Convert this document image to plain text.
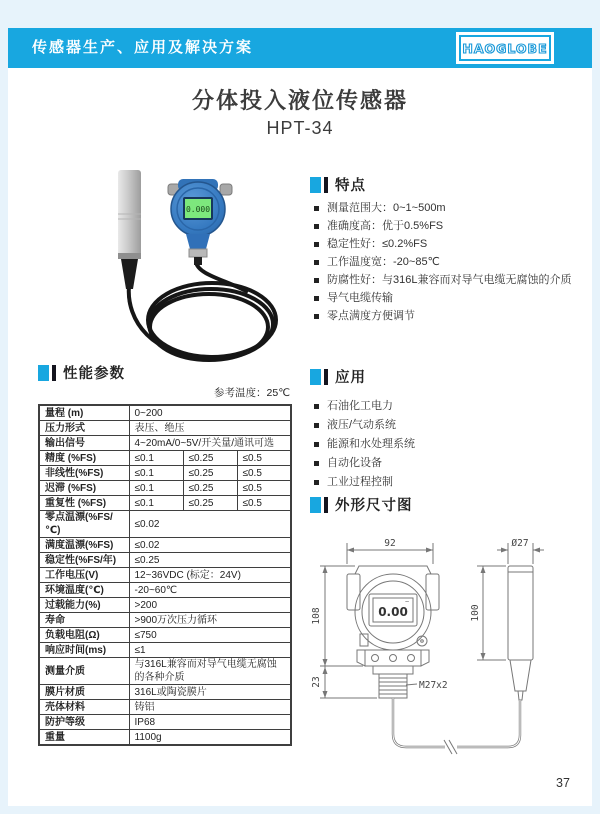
传感器生产、应用及解决方案	HAOGLOBE
分体投入液位传感器
HPT-34
0.000
特点
测量范围大：0~1~500m
准确度高：优于0.5%FS
稳定性好：≤0.2%FS
工作温度宽：-20~85℃
防腐性好：与316L兼容而对导气电缆无腐蚀的介质
导气电缆传输
零点满度方便调节
应用
石油化工电力
液压/气动系统
能源和水处理系统
自动化设备
工业过程控制
性能参数
参考温度：25℃
量程 (m)	0~200		
压力形式	表压、绝压		
输出信号	4~20mA/0~5V/开关量/通讯可选		
精度 (%FS)	≤0.1	≤0.25	≤0.5
非线性(%FS)	≤0.1	≤0.25	≤0.5
迟滞 (%FS)	≤0.1	≤0.25	≤0.5
重复性 (%FS)	≤0.1	≤0.25	≤0.5
零点温漂(%FS/℃)	≤0.02		
满度温漂(%FS)	≤0.02		
稳定性(%FS/年)	≤0.25		
工作电压(V)	12~36VDC (标定：24V)		
环境温度(℃)	-20~60℃		
过载能力(%)	>200		
寿命	>900万次压力循环		
负载电阻(Ω)	≤750		
响应时间(ms)	≤1		
测量介质	与316L兼容而对导气电缆无腐蚀的各种介质		
膜片材质	316L或陶瓷膜片		
壳体材料	铸铝		
防护等级	IP68		
重量	1100g		
外形尺寸图
92	Ø27
108
23
100
M27x2
0.00
~
37
